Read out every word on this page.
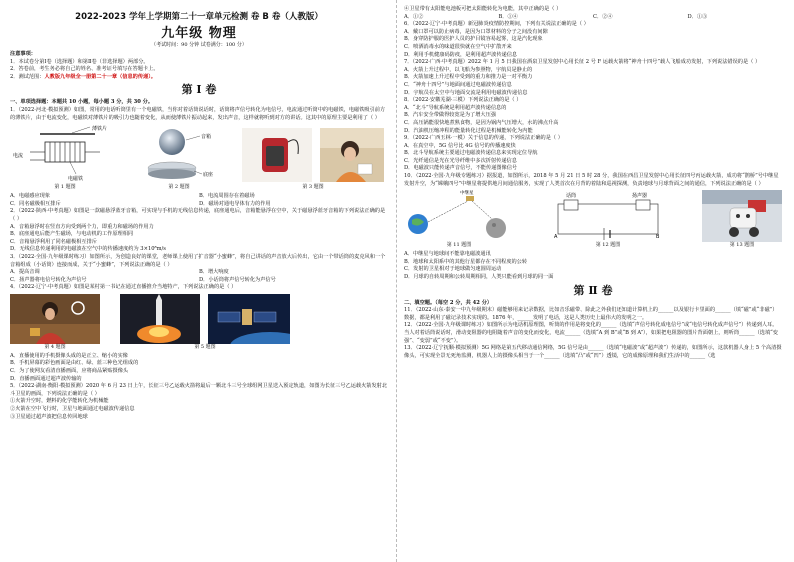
2022-2023 学年上学期第二十一章单元检测 卷 B 卷（人教版）
九年级 物理
（考试时间：90 分钟 试卷满分：100 分）

注意事项：

1．本试卷分第Ⅰ卷（选择题）和第Ⅱ卷（非选择题）两部分。

2．答卷前，考生务必将自己的姓名、准考证号填写在答题卡上。

2．测试范围：人教版九年级全一册第二十一章（信息的传递）。

第 Ⅰ 卷

一、单项选择题：本题共 10 小题，每小题 3 分，共 30 分。

1．（2022·河北·模拟预测）如图，常用的电话听筒里有一个电磁铁，当你对着话筒说话时，话筒将声信号转化为电信号，电流通过听筒中的电磁铁，电磁铁吸引前方的薄铁片，由于电流变化，电磁铁对薄铁片的吸引力也随着变化，从而使薄铁片振动起来，发出声音，这样就将听到对方的讲话。这其中的原理主要是利用了（ ）

薄铁片
电流
电磁铁
第 1 题图
音箱
底座
第 2 题图	第 3 题图
A．电磁感应现象	B．电流周围存在着磁场
C．同名磁极相互排斥	D．磁场对通电导体有力的作用

2．（2022·陕西·中考真题）如图是一款磁悬浮蓝牙音箱，可实现与手机的无线信息传递，底座通电后，音箱能悬浮在空中，关于磁悬浮蓝牙音箱的下列说法正确的是（ ）

A．音箱悬浮时在竖直方向受到两个力，即重力和磁场的作用力

B．底座通电后能产生磁场，与电动机的工作原理相同

C．音箱悬浮利用了同名磁极相互排斥

D．无线信息传递利用的电磁波在空气中的传播速度约为 3×10⁸m/s

3．（2022·全国·九年级课时练习）如图所示，为创造良好的课堂，老师课上使用了扩音器“小蜜蜂”，将自己讲话的声音放大后传出，它由一个带话筒的麦克风和一个音箱组成（小话筒）连接而成，关于“小蜜蜂”，下列说法正确的是（ ）

A．提高音调	B．增大响度
C．扬声器将电信号转化为声信号	D．小话筒将声信号转化为声信号

4．（2022·辽宁·中考真题）如图是某村第一书记在通过直播推介当地特产，下列说法正确的是（ ）

第 4 题图	第 5 题图

A．直播使用的手机摄像头成的是正立、缩小的实像

B．手机屏幕的彩色画面是由红、绿、蓝三种色光组成的

C．为了使网友看清直播画面，应将商品紧贴摄像头

D．直播画面通过超声波传输的

5．（2022·湖南·衡阳·模拟预测）2020 年 6 月 23 日上午，长征三号乙运载火箭将最后一颗北斗三号全球组网卫星送入预定轨道，如图为长征三号乙运载火箭发射北斗卫星的画面，下列说法正确的是（ ）

①火箭升空时，燃料的化学能转化为机械能

②火箭在空中飞行时，卫星与地面通过电磁波传递信息

③卫星通过超声波把信息传回地球

④卫星带有太阳能电池板可把太阳能转化为电能，其中正确的是（ ）

A．①②	B．①④	C．②④	D．①③

6．（2022·辽宁·中考真题）新冠肺炎疫情防控期间，下列有关说法正确的是（ ）

A．戴口罩可以防止病毒，是因为口罩材料的分子之间没有间隙

B．身穿防护服的医护人员的护目镜容易起雾，这是汽化现象

C．喷洒消毒水的味道很快就在空气中扩散开来

D．利用手机健康码防疫，是利用超声波传递信息

7．（2022·广西·中考真题）2022 年 1 月 5 日我国在酒泉卫星发射中心用长征 2 号 F 运载火箭将“神舟十四号”载人飞船成功发射，下列说法错误的是（ ）

A．火箭上升过程中，以飞船为参照物，宇航员是静止的

B．火箭加速上升过程中受到的重力和推力是一对平衡力

C．“神舟十四号”与地面间通过电磁波传递信息

D．宇航员在太空中与地面交流是利用电磁波传递信息

8．（2022·安徽芜湖·三模）下列说法正确的是（ ）

A．“北斗”导航系统是利用超声波传递信息的

B．汽车安全带做得较宽是为了增大压强

C．高压锅能很快地煮熟食物，是因为锅内气压增大，水的沸点升高

D．汽油机压缩冲程的能量转化过程是机械能转化为内能

9．（2022·广西玉林·一模）关于信息的传递，下列说法正确的是（ ）

A．在真空中，5G 信号比 4G 信号的传播速度快

B．北斗导航系统主要通过电磁波传递信息来实现定位导航

C．光纤通信是光在光导纤维中多次折射传递信息

D．电磁波只能传递声音信号，不能传递图像信号

10．（2022·全国·九年级专题练习）据报道，如图所示，2018 年 5 月 21 日 5 时 28 分，我国在西昌卫星发射中心用长征四号丙运载火箭，成功将“鹊桥”号中继星发射升空，为“嫦娥四号”中继星将提供地月间通信服务，实现了人类首次在月背的着陆和巡视探测，负责地球与月球背面之间的通信，下列说法正确的是（ ）

中继星
第 11 题图
话筒	扬声器
A	B
第 12 题图	第 13 题图

A．中继星与地球间不能靠电磁波通讯

B．地球和太阳系中的其他行星都存在不同程度的公转

C．发射的卫星相对于地球做匀速圆周运动

D．月球的自转周期和公转周期相同，人类只能看到月球的同一面

第 Ⅱ 卷

二、填空题。（每空 2 分，共 42 分）

11．（2022·山东·泰安一中九年级期末）磁能够用来记录数据，比如音乐磁带、除此之外我们还知道计算机上的______以及银行卡里面的______（填“磁”或“非磁”）数据，都是利用了磁记录技术实现的。1876 年，______发明了电话，这是人类历史上最伟大的发明之一。

12．（2022·全国·九年级课时练习）如图所示为电话机原理图，听筒的作用是将变化的______（选填“声信号转化成电信号”或“电信号转化成声信号”）传递到人耳。当人对着话筒说话时，滑动变阻器的电阻随着声音的变化而变化，电流______（选填“A 到 B”或“B 到 A”），如果把电阻器的图片背面朝上，则听筒______（选填“变强”、“变弱”或“不变”）。

13．（2022·辽宁抚顺·模拟预测）5G 网络是第五代移动通信网络，5G 信号是由______（选填“电磁波”或“超声波”）传递的，如图所示，这款机器人身上 5 个高清摄像头，可实现全景无死角监测，机器人上的摄像头相当于一个______（选填“凸”或“凹”）透镜，它的成像原理和我们生活中的______（选
